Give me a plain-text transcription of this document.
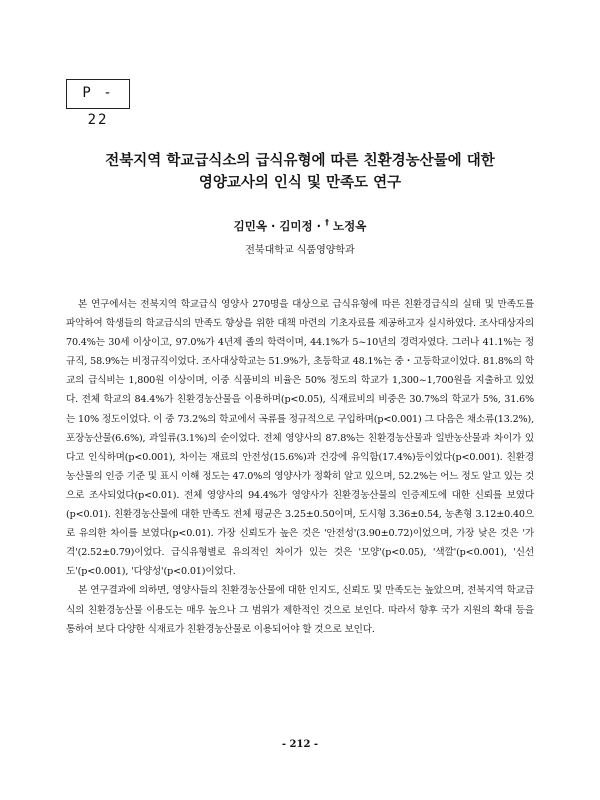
P - 22
전북지역 학교급식소의 급식유형에 따른 친환경농산물에 대한
영양교사의 인식 및 만족도 연구
김민옥 · 김미정 · † 노정옥
전북대학교 식품영양학과

본 연구에서는 전북지역 학교급식 영양사 270명을 대상으로 급식유형에 따른 친환경급식의 실태 및 만족도를 파악하여 학생들의 학교급식의 만족도 향상을 위한 대책 마련의 기초자료를 제공하고자 실시하였다. 조사대상자의 70.4%는 30세 이상이고, 97.0%가 4년제 졸의 학력이며, 44.1%가 5~10년의 경력자였다. 그러나 41.1%는 정규직, 58.9%는 비정규직이었다. 조사대상학교는 51.9%가, 초등학교 48.1%는 중・고등학교이었다. 81.8%의 학교의 급식비는 1,800원 이상이며, 이중 식품비의 비율은 50% 정도의 학교가 1,300~1,700원을 지출하고 있었다. 전체 학교의 84.4%가 친환경농산물을 이용하며(p<0.05), 식재료비의 비중은 30.7%의 학교가 5%, 31.6%는 10% 정도이었다. 이 중 73.2%의 학교에서 곡류를 정규적으로 구입하며(p<0.001) 그 다음은 채소류(13.2%), 포장농산물(6.6%), 과일류(3.1%)의 순이었다. 전체 영양사의 87.8%는 친환경농산물과 일반농산물과 차이가 있다고 인식하며(p<0.001), 차이는 재료의 안전성(15.6%)과 건강에 유익함(17.4%)등이었다(p<0.001). 친환경농산물의 인증 기준 및 표시 이해 정도는 47.0%의 영양사가 정확히 알고 있으며, 52.2%는 어느 정도 알고 있는 것으로 조사되었다(p<0.01). 전체 영양사의 94.4%가 영양사가 친환경농산물의 인증제도에 대한 신뢰를 보였다(p<0.01). 친환경농산물에 대한 만족도 전체 평균은 3.25±0.50이며, 도시형 3.36±0.54, 농촌형 3.12±0.40으로 유의한 차이를 보였다(p<0.01). 가장 신뢰도가 높은 것은 '안전성'(3.90±0.72)이었으며, 가장 낮은 것은 '가격'(2.52±0.79)이었다. 급식유형별로 유의적인 차이가 있는 것은 '모양'(p<0.05), '색깔'(p<0.001), '신선도'(p<0.001), '다양성'(p<0.01)이었다.

본 연구결과에 의하면, 영양사들의 친환경농산물에 대한 인지도, 신뢰도 및 만족도는 높았으며, 전북지역 학교급식의 친환경농산물 이용도는 매우 높으나 그 범위가 제한적인 것으로 보인다. 따라서 향후 국가 지원의 확대 등을 통하여 보다 다양한 식재료가 친환경농산물로 이용되어야 할 것으로 보인다.

- 212 -
